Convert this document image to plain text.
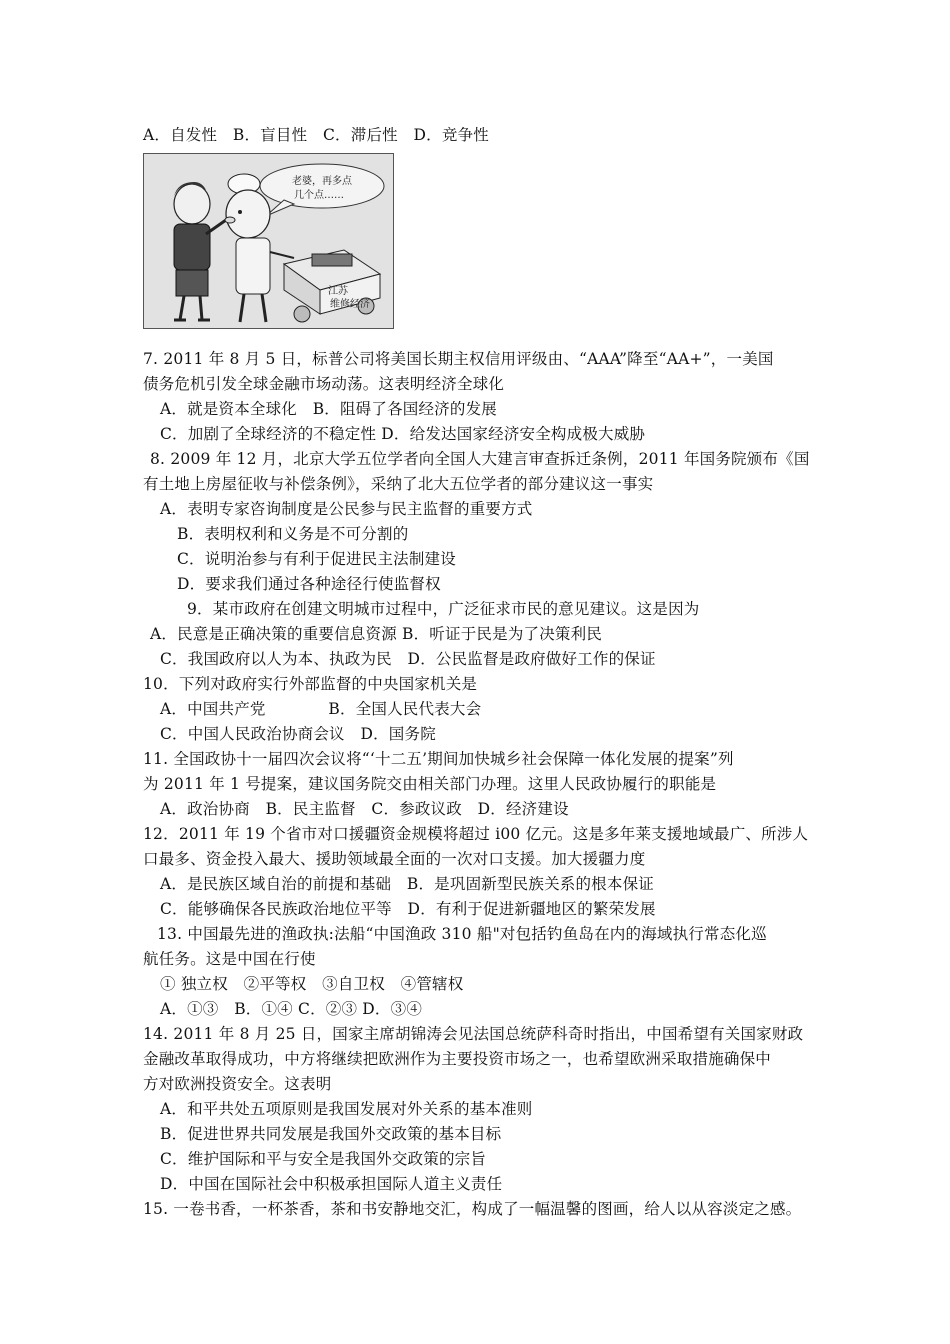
A．自发性　B．盲目性　C．滞后性　D．竞争性
老婆，再多点
几个点……
江苏
维修经济
7. 2011 年 8 月 5 日，标普公司将美国长期主权信用评级由、“AAA”降至“AA+”，一美国
债务危机引发全球金融市场动荡。这表明经济全球化
A．就是资本全球化　B．阻碍了各国经济的发展
C．加剧了全球经济的不稳定性 D．给发达国家经济安全构成极大威胁
8. 2009 年 12 月，北京大学五位学者向全国人大建言审查拆迁条例，2011 年国务院颁布《国
有土地上房屋征收与补偿条例》，采纳了北大五位学者的部分建议这一事实
A．表明专家咨询制度是公民参与民主监督的重要方式
B．表明权利和义务是不可分割的
C．说明治参与有利于促进民主法制建设
D．要求我们通过各种途径行使监督权
9．某市政府在创建文明城市过程中，广泛征求市民的意见建议。这是因为
A．民意是正确决策的重要信息资源 B．听证于民是为了决策利民
C．我国政府以人为本、执政为民　D．公民监督是政府做好工作的保证
10．下列对政府实行外部监督的中央国家机关是
A．中国共产党　　　　B．全国人民代表大会
C．中国人民政治协商会议　D．国务院
11. 全国政协十一届四次会议将“‘十二五’期间加快城乡社会保障一体化发展的提案”列
为 2011 年 1 号提案，建议国务院交由相关部门办理。这里人民政协履行的职能是
A．政治协商　B．民主监督　C．参政议政　D．经济建设
12．2011 年 19 个省市对口援疆资金规模将超过 i00 亿元。这是多年莱支援地域最广、所涉人
口最多、资金投入最大、援助领域最全面的一次对口支援。加大援疆力度
A．是民族区域自治的前提和基础　B．是巩固新型民族关系的根本保证
C．能够确保各民族政治地位平等　D．有利于促进新疆地区的繁荣发展
13. 中国最先进的渔政执:法船“中国渔政 310 船"对包括钓鱼岛在内的海域执行常态化巡
航任务。这是中国在行使
① 独立权　②平等权　③自卫权　④管辖权
A．①③　B．①④ C．②③ D．③④
14. 2011 年 8 月 25 日，国家主席胡锦涛会见法国总统萨科奇时指出，中国希望有关国家财政
金融改革取得成功，中方将继续把欧洲作为主要投资市场之一，也希望欧洲采取措施确保中
方对欧洲投资安全。这表明
A．和平共处五项原则是我国发展对外关系的基本准则
B．促进世界共同发展是我国外交政策的基本目标
C．维护国际和平与安全是我国外交政策的宗旨
D．中国在国际社会中积极承担国际人道主义责任
15. 一卷书香，一杯茶香，茶和书安静地交汇，构成了一幅温馨的图画，给人以从容淡定之感。
